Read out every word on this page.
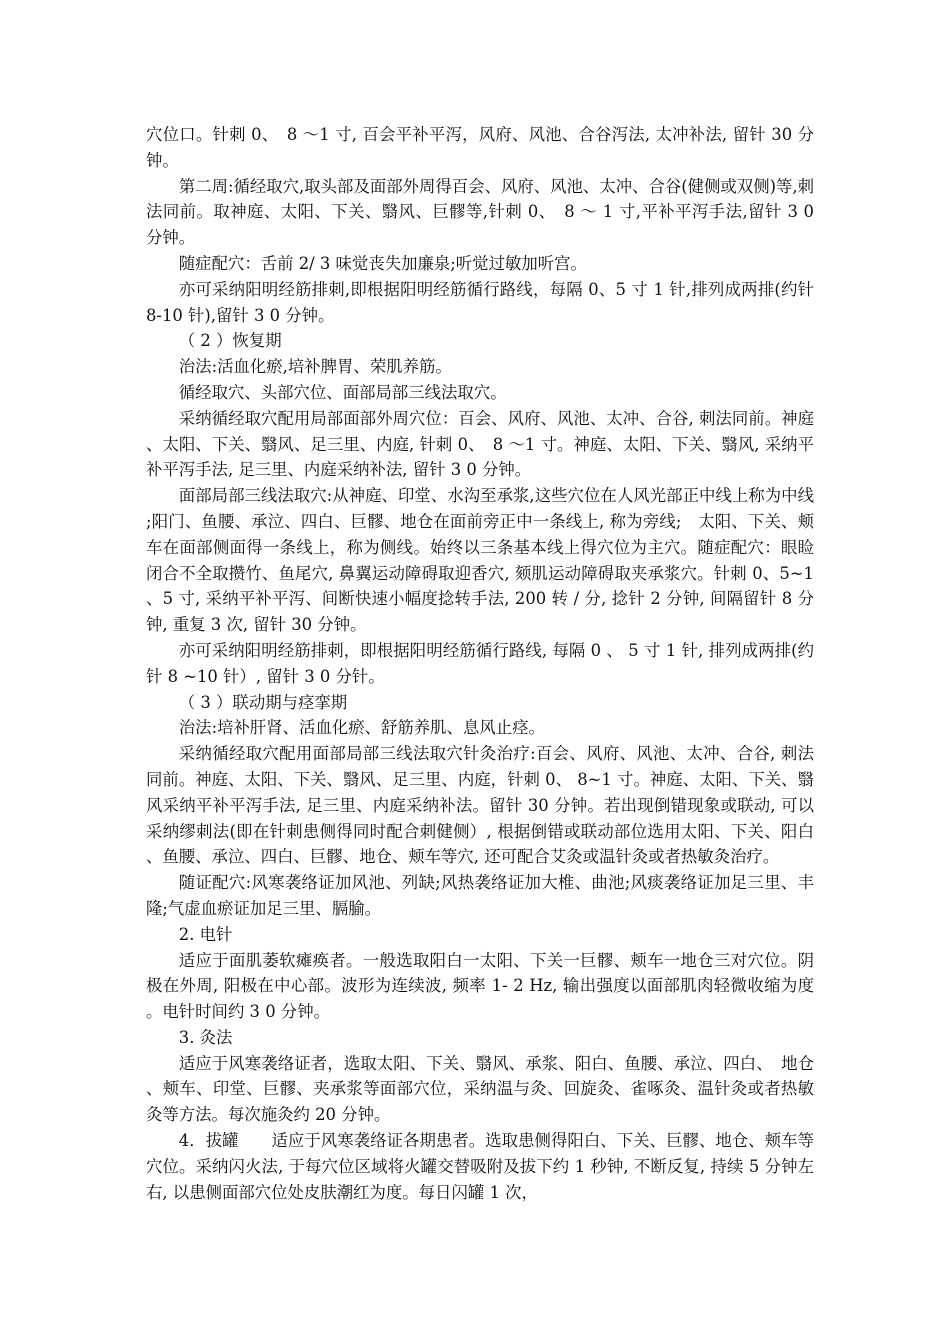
穴位口。针刺 0、　8 ～1 寸, 百会平补平泻，风府、风池、合谷泻法, 太冲补法, 留针 30 分钟。

第二周:循经取穴,取头部及面部外周得百会、风府、风池、太冲、合谷(健侧或双侧)等,刺法同前。取神庭、太阳、下关、翳风、巨髎等,针刺 0、　8 ～ 1 寸,平补平泻手法,留针 3 0 分钟。

随症配穴：舌前 2/ 3 味觉丧失加廉泉;听觉过敏加听宫。

亦可采纳阳明经筋排刺,即根据阳明经筋循行路线，每隔 0、5 寸 1 针,排列成两排(约针 8-10 针),留针 3 0 分钟。

（ 2 ）恢复期

治法:活血化瘀,培补脾胃、荣肌养筋。

循经取穴、头部穴位、面部局部三线法取穴。

采纳循经取穴配用局部面部外周穴位：百会、风府、风池、太冲、合谷, 刺法同前。神庭、太阳、下关、翳风、足三里、内庭, 针刺 0、　8 ～1 寸。神庭、太阳、下关、翳风, 采纳平补平泻手法, 足三里、内庭采纳补法, 留针 3 0 分钟。

面部局部三线法取穴:从神庭、印堂、水沟至承浆,这些穴位在人风光部正中线上称为中线;阳门、鱼腰、承泣、四白、巨髎、地仓在面前旁正中一条线上, 称为旁线;　太阳、下关、颊车在面部侧面得一条线上，称为侧线。始终以三条基本线上得穴位为主穴。随症配穴：眼睑闭合不全取攒竹、鱼尾穴, 鼻翼运动障碍取迎香穴, 颏肌运动障碍取夹承浆穴。针刺 0、5~1、5 寸, 采纳平补平泻、间断快速小幅度捻转手法, 200 转 / 分, 捻针 2 分钟, 间隔留针 8 分钟, 重复 3 次, 留针 30 分钟。

亦可采纳阳明经筋排刺，即根据阳明经筋循行路线, 每隔 0 、 5 寸 1 针, 排列成两排(约针 8 ~10 针）, 留针 3 0 分针。

（ 3 ）联动期与痉挛期

治法:培补肝肾、活血化瘀、舒筋养肌、息风止痉。

采纳循经取穴配用面部局部三线法取穴针灸治疗:百会、风府、风池、太冲、合谷, 刺法同前。神庭、太阳、下关、翳风、足三里、内庭，针刺 0、 8~1 寸。神庭、太阳、下关、翳风采纳平补平泻手法, 足三里、内庭采纳补法。留针 30 分钟。若出现倒错现象或联动, 可以采纳缪刺法(即在针刺患侧得同时配合刺健侧）, 根据倒错或联动部位选用太阳、下关、阳白、鱼腰、承泣、四白、巨髎、地仓、颊车等穴, 还可配合艾灸或温针灸或者热敏灸治疗。

随证配穴:风寒袭络证加风池、列缺;风热袭络证加大椎、曲池;风痰袭络证加足三里、丰隆;气虚血瘀证加足三里、膈腧。

2. 电针

适应于面肌萎软瘫痪者。一般选取阳白一太阳、下关一巨髎、颊车一地仓三对穴位。阴极在外周, 阳极在中心部。波形为连续波, 频率 1- 2 Hz, 输出强度以面部肌肉轻微收缩为度。电针时间约 3 0 分钟。

3. 灸法

适应于风寒袭络证者，选取太阳、下关、翳风、承浆、阳白、鱼腰、承泣、四白、　地仓、颊车、印堂、巨髎、夹承浆等面部穴位，采纳温与灸、回旋灸、雀啄灸、温针灸或者热敏灸等方法。每次施灸约 20 分钟。

4．拔罐　　适应于风寒袭络证各期患者。选取患侧得阳白、下关、巨髎、地仓、颊车等穴位。采纳闪火法, 于每穴位区域将火罐交替吸附及拔下约 1 秒钟, 不断反复, 持续 5 分钟左右, 以患侧面部穴位处皮肤潮红为度。每日闪罐 1 次，
